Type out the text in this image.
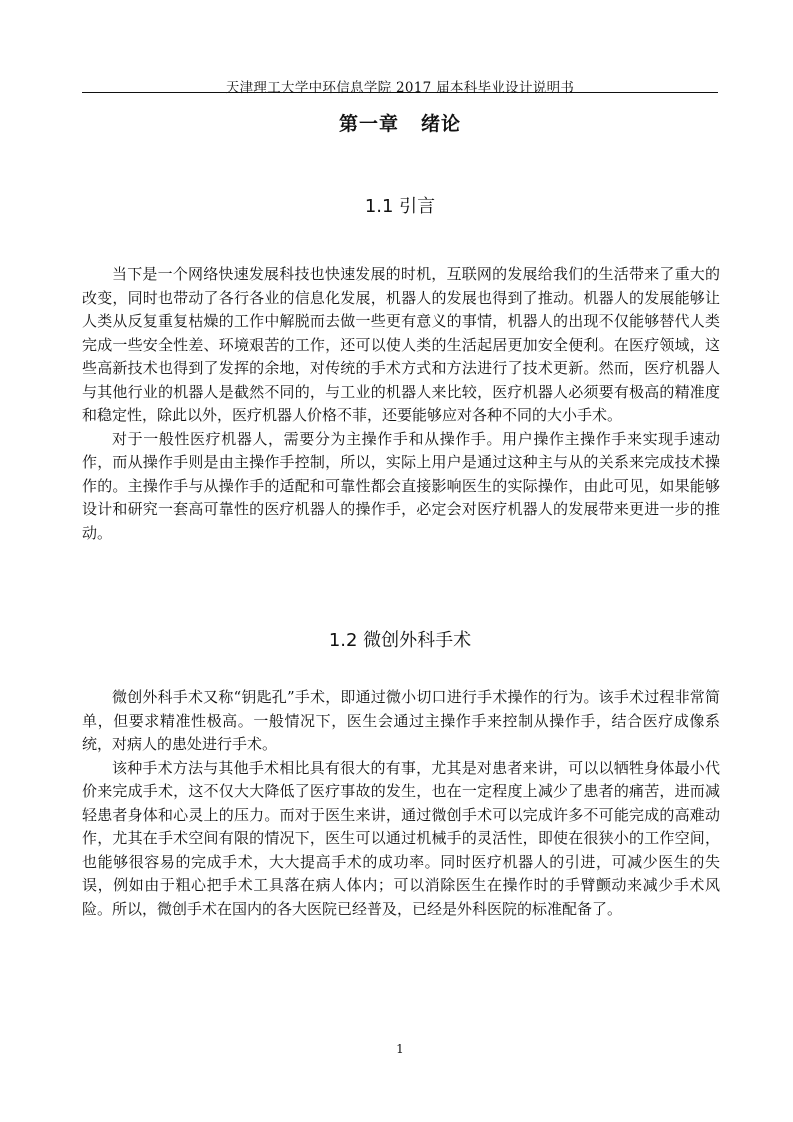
天津理工大学中环信息学院 2017 届本科毕业设计说明书
第一章 绪论
1.1 引言

当下是一个网络快速发展科技也快速发展的时机，互联网的发展给我们的生活带来了重大的改变，同时也带动了各行各业的信息化发展，机器人的发展也得到了推动。机器人的发展能够让人类从反复重复枯燥的工作中解脱而去做一些更有意义的事情，机器人的出现不仅能够替代人类完成一些安全性差、环境艰苦的工作，还可以使人类的生活起居更加安全便利。在医疗领域，这些高新技术也得到了发挥的余地，对传统的手术方式和方法进行了技术更新。然而，医疗机器人与其他行业的机器人是截然不同的，与工业的机器人来比较，医疗机器人必须要有极高的精准度和稳定性，除此以外，医疗机器人价格不菲，还要能够应对各种不同的大小手术。

对于一般性医疗机器人，需要分为主操作手和从操作手。用户操作主操作手来实现手速动作，而从操作手则是由主操作手控制，所以，实际上用户是通过这种主与从的关系来完成技术操作的。主操作手与从操作手的适配和可靠性都会直接影响医生的实际操作，由此可见，如果能够设计和研究一套高可靠性的医疗机器人的操作手，必定会对医疗机器人的发展带来更进一步的推动。

1.2 微创外科手术

微创外科手术又称“钥匙孔”手术，即通过微小切口进行手术操作的行为。该手术过程非常简单，但要求精准性极高。一般情况下，医生会通过主操作手来控制从操作手，结合医疗成像系统，对病人的患处进行手术。

该种手术方法与其他手术相比具有很大的有事，尤其是对患者来讲，可以以牺牲身体最小代价来完成手术，这不仅大大降低了医疗事故的发生，也在一定程度上减少了患者的痛苦，进而减轻患者身体和心灵上的压力。而对于医生来讲，通过微创手术可以完成许多不可能完成的高难动作，尤其在手术空间有限的情况下，医生可以通过机械手的灵活性，即使在很狭小的工作空间，也能够很容易的完成手术，大大提高手术的成功率。同时医疗机器人的引进，可减少医生的失误，例如由于粗心把手术工具落在病人体内；可以消除医生在操作时的手臂颤动来减少手术风险。所以，微创手术在国内的各大医院已经普及，已经是外科医院的标准配备了。

1
